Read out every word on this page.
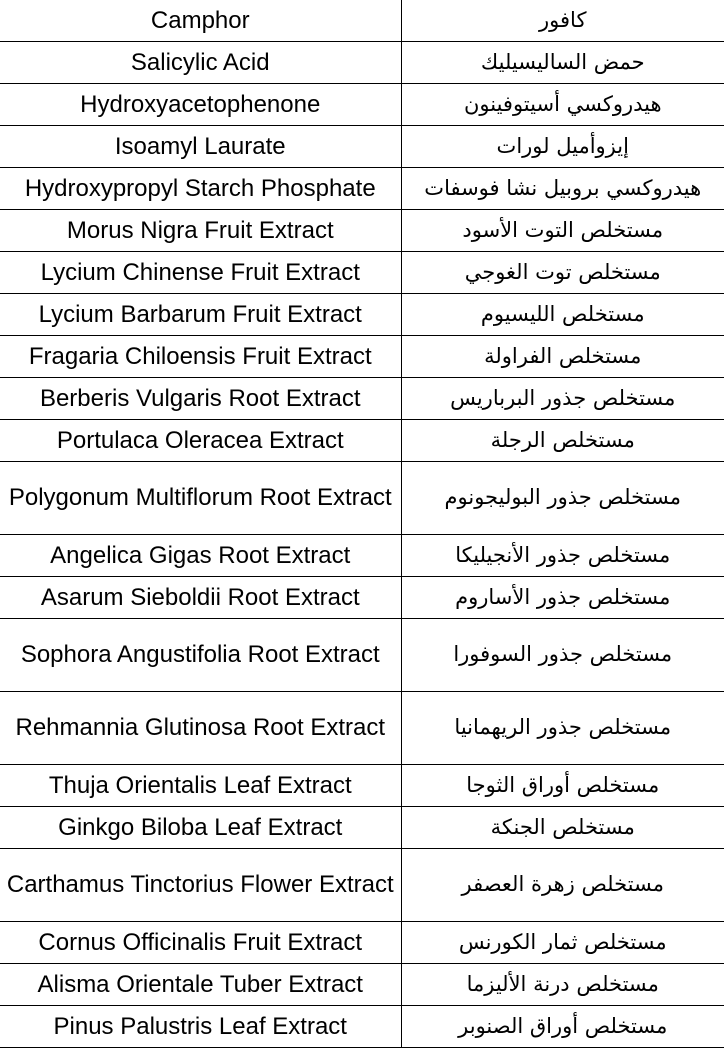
Camphor	كافور
Salicylic Acid	حمض الساليسيليك
Hydroxyacetophenone	هيدروكسي أسيتوفينون
Isoamyl Laurate	إيزوأميل لورات
Hydroxypropyl Starch Phosphate	هيدروكسي بروبيل نشا فوسفات
Morus Nigra Fruit Extract	مستخلص التوت الأسود
Lycium Chinense Fruit Extract	مستخلص توت الغوجي
Lycium Barbarum Fruit Extract	مستخلص الليسيوم
Fragaria Chiloensis Fruit Extract	مستخلص الفراولة
Berberis Vulgaris Root Extract	مستخلص جذور البرباريس
Portulaca Oleracea Extract	مستخلص الرجلة
Polygonum Multiflorum Root Extract	مستخلص جذور البوليجونوم
Angelica Gigas Root Extract	مستخلص جذور الأنجيليكا
Asarum Sieboldii Root Extract	مستخلص جذور الأساروم
Sophora Angustifolia Root Extract	مستخلص جذور السوفورا
Rehmannia Glutinosa Root Extract	مستخلص جذور الريهمانيا
Thuja Orientalis Leaf Extract	مستخلص أوراق الثوجا
Ginkgo Biloba Leaf Extract	مستخلص الجنكة
Carthamus Tinctorius Flower Extract	مستخلص زهرة العصفر
Cornus Officinalis Fruit Extract	مستخلص ثمار الكورنس
Alisma Orientale Tuber Extract	مستخلص درنة الأليزما
Pinus Palustris Leaf Extract	مستخلص أوراق الصنوبر
